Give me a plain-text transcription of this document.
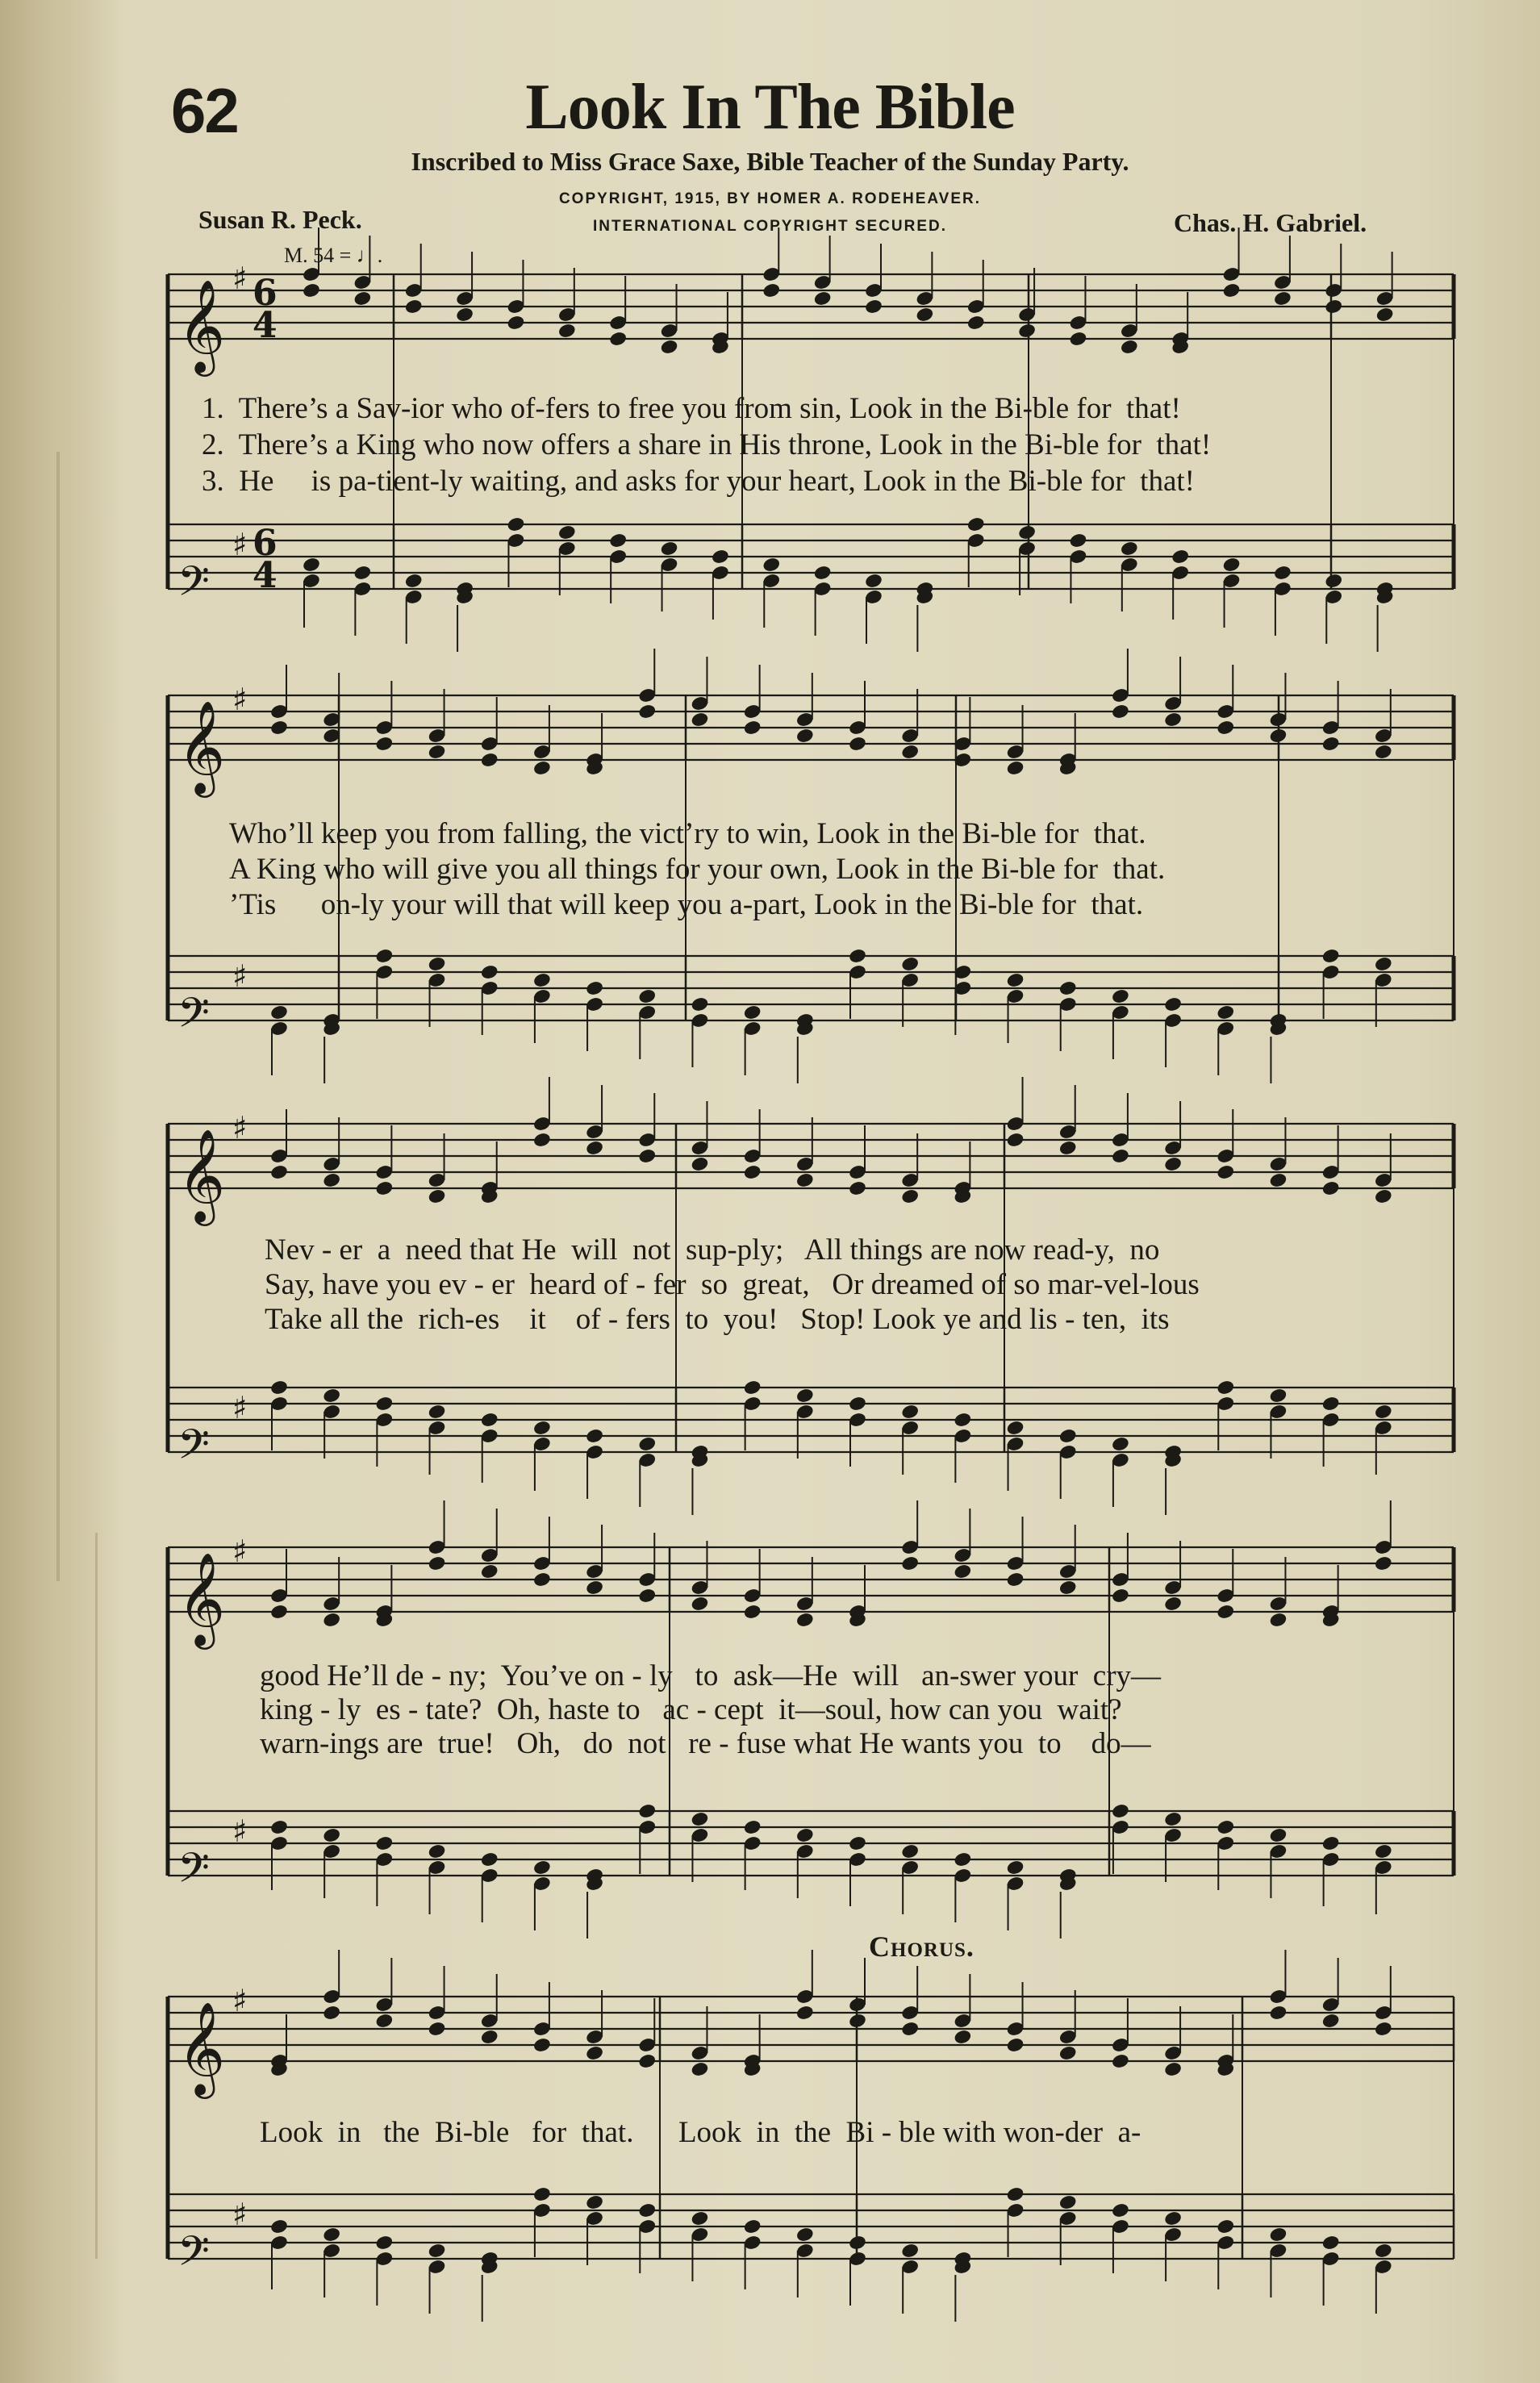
62	Look In The Bible
Inscribed to Miss Grace Saxe, Bible Teacher of the Sunday Party.
COPYRIGHT, 1915, BY HOMER A. RODEHEAVER.
INTERNATIONAL COPYRIGHT SECURED.
Susan R. Peck.	Chas. H. Gabriel.
M. 54 = ♩.
𝄞
♯ 6
4
𝄢
♯ 6
4
𝄞
♯
𝄢
♯
𝄞
♯
𝄢
♯
𝄞
♯
𝄢
♯
𝄞
♯
𝄢
♯
1.  There’s a Sav-ior who of-fers to free you from sin, Look in the Bi-ble for  that!
2.  There’s a King who now offers a share in His throne, Look in the Bi-ble for  that!
3.  He     is pa-tient-ly waiting, and asks for your heart, Look in the Bi-ble for  that!
Who’ll keep you from falling, the vict’ry to win, Look in the Bi-ble for  that.
A King who will give you all things for your own, Look in the Bi-ble for  that.
’Tis      on-ly your will that will keep you a-part, Look in the Bi-ble for  that.
Nev - er  a  need that He  will  not  sup-ply;   All things are now read-y,  no
Say, have you ev - er  heard of - fer  so  great,   Or dreamed of so mar-vel-lous
Take all the  rich-es    it    of - fers  to  you!   Stop! Look ye and lis - ten,  its
good He’ll de - ny;  You’ve on - ly   to  ask—He  will   an-swer your  cry—
king - ly  es - tate?  Oh, haste to   ac - cept  it—soul, how can you  wait?
warn-ings are  true!   Oh,   do  not   re - fuse what He wants you  to    do—
Chorus.
Look  in   the  Bi-ble   for  that.      Look  in  the  Bi - ble with won-der  a-
